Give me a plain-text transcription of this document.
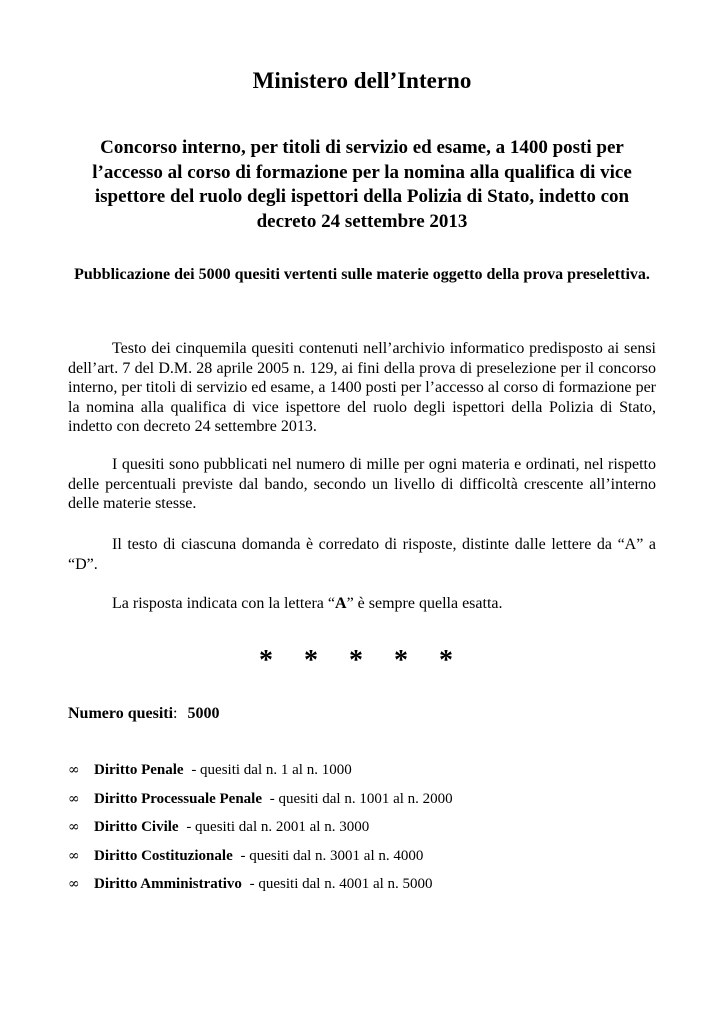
Ministero dell’Interno
Concorso interno, per titoli di servizio ed esame, a 1400 posti per l’accesso al corso di formazione per la nomina alla qualifica di vice ispettore del ruolo degli ispettori della Polizia di Stato, indetto con decreto 24 settembre 2013
Pubblicazione dei 5000 quesiti vertenti sulle materie oggetto della prova preselettiva.

Testo dei cinquemila quesiti contenuti nell’archivio informatico predisposto ai sensi dell’art. 7 del D.M. 28 aprile 2005 n. 129, ai fini della prova di preselezione per il concorso interno, per titoli di servizio ed esame, a 1400 posti per l’accesso al corso di formazione per la nomina alla qualifica di vice ispettore del ruolo degli ispettori della Polizia di Stato, indetto con decreto 24 settembre 2013.

I quesiti sono pubblicati nel numero di mille per ogni materia e ordinati, nel rispetto delle percentuali previste dal bando, secondo un livello di difficoltà crescente all’interno delle materie stesse.

Il testo di ciascuna domanda è corredato di risposte, distinte dalle lettere da “A” a “D”.

La risposta indicata con la lettera “A” è sempre quella esatta.

* * * * *

Numero quesiti: 5000

∞ Diritto Penale - quesiti dal n. 1 al n. 1000
∞ Diritto Processuale Penale - quesiti dal n. 1001 al n. 2000
∞ Diritto Civile - quesiti dal n. 2001 al n. 3000
∞ Diritto Costituzionale - quesiti dal n. 3001 al n. 4000
∞ Diritto Amministrativo - quesiti dal n. 4001 al n. 5000
